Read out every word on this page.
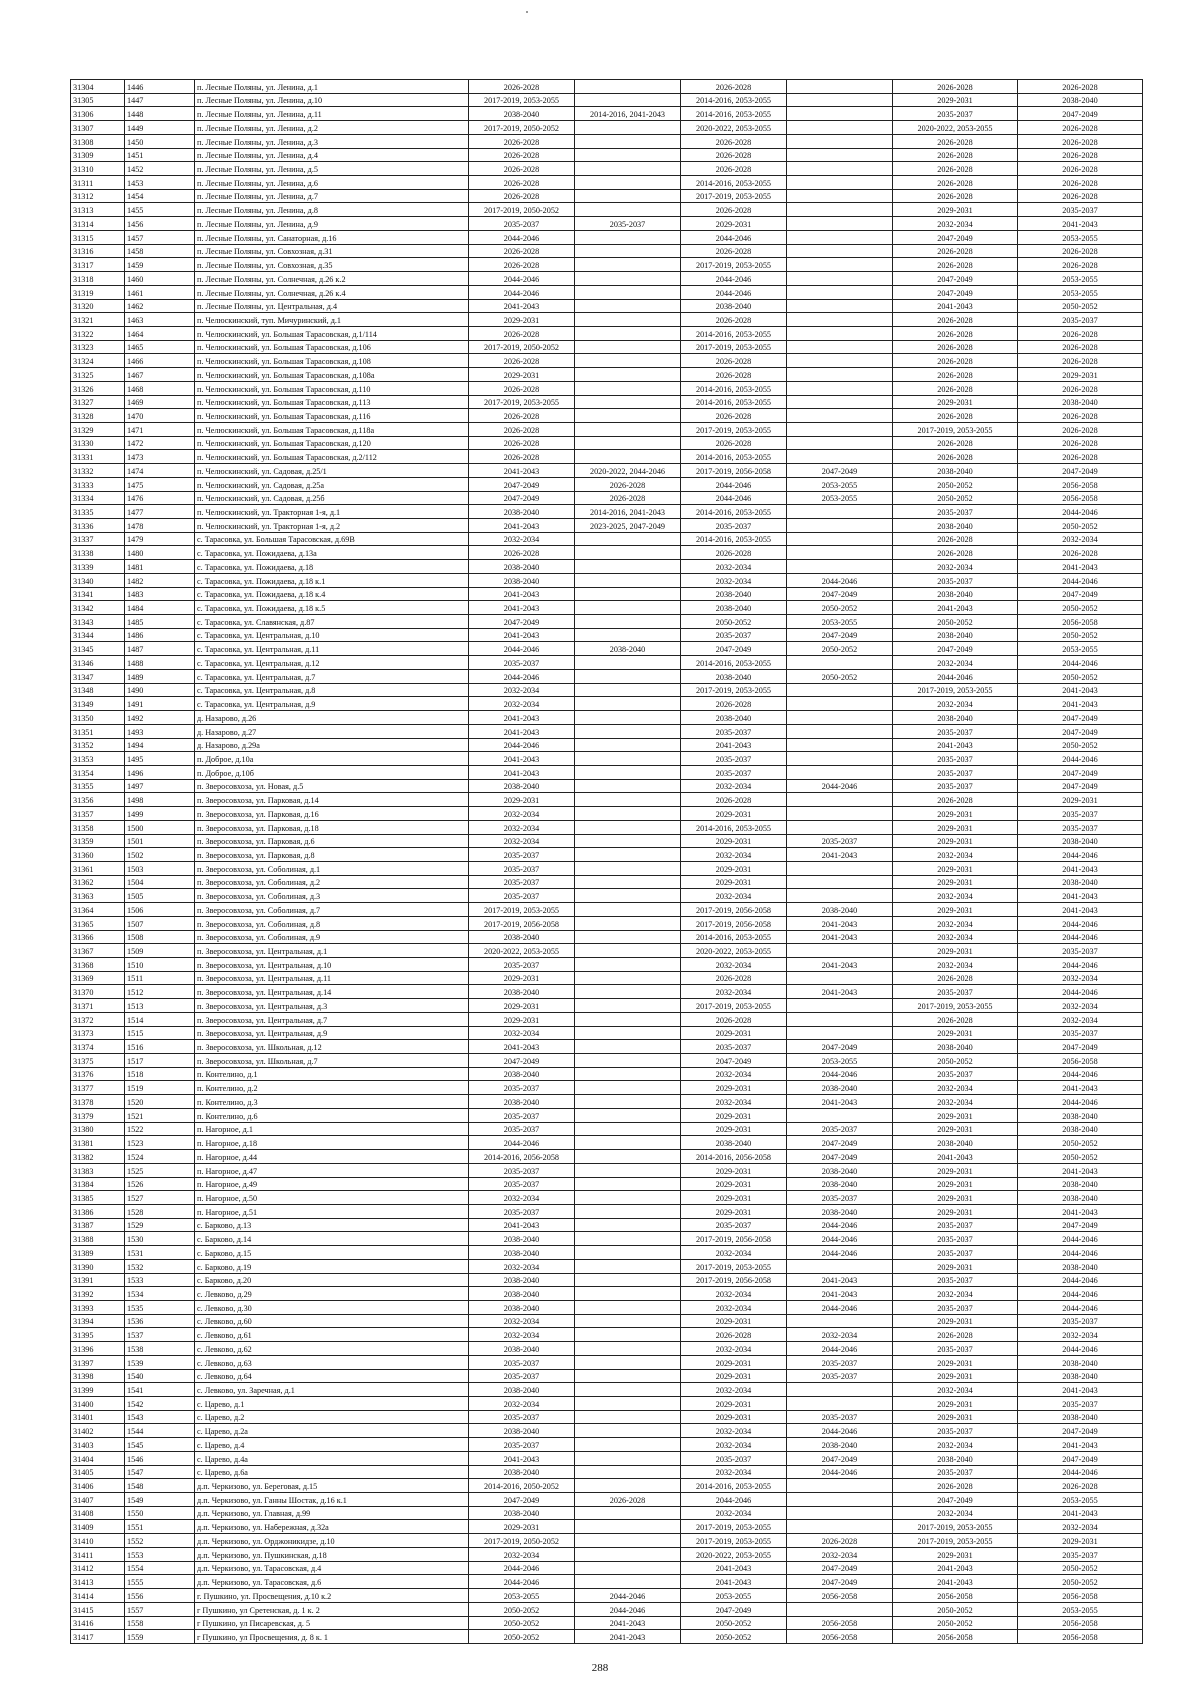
31304	1446	п. Лесные Поляны, ул. Ленина, д.1	2026-2028		2026-2028		2026-2028	2026-2028
31305	1447	п. Лесные Поляны, ул. Ленина, д.10	2017-2019, 2053-2055		2014-2016, 2053-2055		2029-2031	2038-2040
31306	1448	п. Лесные Поляны, ул. Ленина, д.11	2038-2040	2014-2016, 2041-2043	2014-2016, 2053-2055		2035-2037	2047-2049
31307	1449	п. Лесные Поляны, ул. Ленина, д.2	2017-2019, 2050-2052		2020-2022, 2053-2055		2020-2022, 2053-2055	2026-2028
31308	1450	п. Лесные Поляны, ул. Ленина, д.3	2026-2028		2026-2028		2026-2028	2026-2028
31309	1451	п. Лесные Поляны, ул. Ленина, д.4	2026-2028		2026-2028		2026-2028	2026-2028
31310	1452	п. Лесные Поляны, ул. Ленина, д.5	2026-2028		2026-2028		2026-2028	2026-2028
31311	1453	п. Лесные Поляны, ул. Ленина, д.6	2026-2028		2014-2016, 2053-2055		2026-2028	2026-2028
31312	1454	п. Лесные Поляны, ул. Ленина, д.7	2026-2028		2017-2019, 2053-2055		2026-2028	2026-2028
31313	1455	п. Лесные Поляны, ул. Ленина, д.8	2017-2019, 2050-2052		2026-2028		2029-2031	2035-2037
31314	1456	п. Лесные Поляны, ул. Ленина, д.9	2035-2037	2035-2037	2029-2031		2032-2034	2041-2043
31315	1457	п. Лесные Поляны, ул. Санаторная, д.16	2044-2046		2044-2046		2047-2049	2053-2055
31316	1458	п. Лесные Поляны, ул. Совхозная, д.31	2026-2028		2026-2028		2026-2028	2026-2028
31317	1459	п. Лесные Поляны, ул. Совхозная, д.35	2026-2028		2017-2019, 2053-2055		2026-2028	2026-2028
31318	1460	п. Лесные Поляны, ул. Солнечная, д.26 к.2	2044-2046		2044-2046		2047-2049	2053-2055
31319	1461	п. Лесные Поляны, ул. Солнечная, д.26 к.4	2044-2046		2044-2046		2047-2049	2053-2055
31320	1462	п. Лесные Поляны, ул. Центральная, д.4	2041-2043		2038-2040		2041-2043	2050-2052
31321	1463	п. Челюскинский, туп. Мичуринский, д.1	2029-2031		2026-2028		2026-2028	2035-2037
31322	1464	п. Челюскинский, ул. Большая Тарасовская, д.1/114	2026-2028		2014-2016, 2053-2055		2026-2028	2026-2028
31323	1465	п. Челюскинский, ул. Большая Тарасовская, д.106	2017-2019, 2050-2052		2017-2019, 2053-2055		2026-2028	2026-2028
31324	1466	п. Челюскинский, ул. Большая Тарасовская, д.108	2026-2028		2026-2028		2026-2028	2026-2028
31325	1467	п. Челюскинский, ул. Большая Тарасовская, д.108а	2029-2031		2026-2028		2026-2028	2029-2031
31326	1468	п. Челюскинский, ул. Большая Тарасовская, д.110	2026-2028		2014-2016, 2053-2055		2026-2028	2026-2028
31327	1469	п. Челюскинский, ул. Большая Тарасовская, д.113	2017-2019, 2053-2055		2014-2016, 2053-2055		2029-2031	2038-2040
31328	1470	п. Челюскинский, ул. Большая Тарасовская, д.116	2026-2028		2026-2028		2026-2028	2026-2028
31329	1471	п. Челюскинский, ул. Большая Тарасовская, д.118а	2026-2028		2017-2019, 2053-2055		2017-2019, 2053-2055	2026-2028
31330	1472	п. Челюскинский, ул. Большая Тарасовская, д.120	2026-2028		2026-2028		2026-2028	2026-2028
31331	1473	п. Челюскинский, ул. Большая Тарасовская, д.2/112	2026-2028		2014-2016, 2053-2055		2026-2028	2026-2028
31332	1474	п. Челюскинский, ул. Садовая, д.25/1	2041-2043	2020-2022, 2044-2046	2017-2019, 2056-2058	2047-2049	2038-2040	2047-2049
31333	1475	п. Челюскинский, ул. Садовая, д.25а	2047-2049	2026-2028	2044-2046	2053-2055	2050-2052	2056-2058
31334	1476	п. Челюскинский, ул. Садовая, д.25б	2047-2049	2026-2028	2044-2046	2053-2055	2050-2052	2056-2058
31335	1477	п. Челюскинский, ул. Тракторная 1-я, д.1	2038-2040	2014-2016, 2041-2043	2014-2016, 2053-2055		2035-2037	2044-2046
31336	1478	п. Челюскинский, ул. Тракторная 1-я, д.2	2041-2043	2023-2025, 2047-2049	2035-2037		2038-2040	2050-2052
31337	1479	с. Тарасовка, ул. Большая Тарасовская, д.69В	2032-2034		2014-2016, 2053-2055		2026-2028	2032-2034
31338	1480	с. Тарасовка, ул. Пожидаева, д.13а	2026-2028		2026-2028		2026-2028	2026-2028
31339	1481	с. Тарасовка, ул. Пожидаева, д.18	2038-2040		2032-2034		2032-2034	2041-2043
31340	1482	с. Тарасовка, ул. Пожидаева, д.18 к.1	2038-2040		2032-2034	2044-2046	2035-2037	2044-2046
31341	1483	с. Тарасовка, ул. Пожидаева, д.18 к.4	2041-2043		2038-2040	2047-2049	2038-2040	2047-2049
31342	1484	с. Тарасовка, ул. Пожидаева, д.18 к.5	2041-2043		2038-2040	2050-2052	2041-2043	2050-2052
31343	1485	с. Тарасовка, ул. Славянская, д.87	2047-2049		2050-2052	2053-2055	2050-2052	2056-2058
31344	1486	с. Тарасовка, ул. Центральная, д.10	2041-2043		2035-2037	2047-2049	2038-2040	2050-2052
31345	1487	с. Тарасовка, ул. Центральная, д.11	2044-2046	2038-2040	2047-2049	2050-2052	2047-2049	2053-2055
31346	1488	с. Тарасовка, ул. Центральная, д.12	2035-2037		2014-2016, 2053-2055		2032-2034	2044-2046
31347	1489	с. Тарасовка, ул. Центральная, д.7	2044-2046		2038-2040	2050-2052	2044-2046	2050-2052
31348	1490	с. Тарасовка, ул. Центральная, д.8	2032-2034		2017-2019, 2053-2055		2017-2019, 2053-2055	2041-2043
31349	1491	с. Тарасовка, ул. Центральная, д.9	2032-2034		2026-2028		2032-2034	2041-2043
31350	1492	д. Назарово, д.26	2041-2043		2038-2040		2038-2040	2047-2049
31351	1493	д. Назарово, д.27	2041-2043		2035-2037		2035-2037	2047-2049
31352	1494	д. Назарово, д.29а	2044-2046		2041-2043		2041-2043	2050-2052
31353	1495	п. Доброе, д.10а	2041-2043		2035-2037		2035-2037	2044-2046
31354	1496	п. Доброе, д.10б	2041-2043		2035-2037		2035-2037	2047-2049
31355	1497	п. Зверосовхоза, ул. Новая, д.5	2038-2040		2032-2034	2044-2046	2035-2037	2047-2049
31356	1498	п. Зверосовхоза, ул. Парковая, д.14	2029-2031		2026-2028		2026-2028	2029-2031
31357	1499	п. Зверосовхоза, ул. Парковая, д.16	2032-2034		2029-2031		2029-2031	2035-2037
31358	1500	п. Зверосовхоза, ул. Парковая, д.18	2032-2034		2014-2016, 2053-2055		2029-2031	2035-2037
31359	1501	п. Зверосовхоза, ул. Парковая, д.6	2032-2034		2029-2031	2035-2037	2029-2031	2038-2040
31360	1502	п. Зверосовхоза, ул. Парковая, д.8	2035-2037		2032-2034	2041-2043	2032-2034	2044-2046
31361	1503	п. Зверосовхоза, ул. Соболиная, д.1	2035-2037		2029-2031		2029-2031	2041-2043
31362	1504	п. Зверосовхоза, ул. Соболиная, д.2	2035-2037		2029-2031		2029-2031	2038-2040
31363	1505	п. Зверосовхоза, ул. Соболиная, д.3	2035-2037		2032-2034		2032-2034	2041-2043
31364	1506	п. Зверосовхоза, ул. Соболиная, д.7	2017-2019, 2053-2055		2017-2019, 2056-2058	2038-2040	2029-2031	2041-2043
31365	1507	п. Зверосовхоза, ул. Соболиная, д.8	2017-2019, 2056-2058		2017-2019, 2056-2058	2041-2043	2032-2034	2044-2046
31366	1508	п. Зверосовхоза, ул. Соболиная, д.9	2038-2040		2014-2016, 2053-2055	2041-2043	2032-2034	2044-2046
31367	1509	п. Зверосовхоза, ул. Центральная, д.1	2020-2022, 2053-2055		2020-2022, 2053-2055		2029-2031	2035-2037
31368	1510	п. Зверосовхоза, ул. Центральная, д.10	2035-2037		2032-2034	2041-2043	2032-2034	2044-2046
31369	1511	п. Зверосовхоза, ул. Центральная, д.11	2029-2031		2026-2028		2026-2028	2032-2034
31370	1512	п. Зверосовхоза, ул. Центральная, д.14	2038-2040		2032-2034	2041-2043	2035-2037	2044-2046
31371	1513	п. Зверосовхоза, ул. Центральная, д.3	2029-2031		2017-2019, 2053-2055		2017-2019, 2053-2055	2032-2034
31372	1514	п. Зверосовхоза, ул. Центральная, д.7	2029-2031		2026-2028		2026-2028	2032-2034
31373	1515	п. Зверосовхоза, ул. Центральная, д.9	2032-2034		2029-2031		2029-2031	2035-2037
31374	1516	п. Зверосовхоза, ул. Школьная, д.12	2041-2043		2035-2037	2047-2049	2038-2040	2047-2049
31375	1517	п. Зверосовхоза, ул. Школьная, д.7	2047-2049		2047-2049	2053-2055	2050-2052	2056-2058
31376	1518	п. Контелино, д.1	2038-2040		2032-2034	2044-2046	2035-2037	2044-2046
31377	1519	п. Контелино, д.2	2035-2037		2029-2031	2038-2040	2032-2034	2041-2043
31378	1520	п. Контелино, д.3	2038-2040		2032-2034	2041-2043	2032-2034	2044-2046
31379	1521	п. Контелино, д.6	2035-2037		2029-2031		2029-2031	2038-2040
31380	1522	п. Нагорное, д.1	2035-2037		2029-2031	2035-2037	2029-2031	2038-2040
31381	1523	п. Нагорное, д.18	2044-2046		2038-2040	2047-2049	2038-2040	2050-2052
31382	1524	п. Нагорное, д.44	2014-2016, 2056-2058		2014-2016, 2056-2058	2047-2049	2041-2043	2050-2052
31383	1525	п. Нагорное, д.47	2035-2037		2029-2031	2038-2040	2029-2031	2041-2043
31384	1526	п. Нагорное, д.49	2035-2037		2029-2031	2038-2040	2029-2031	2038-2040
31385	1527	п. Нагорное, д.50	2032-2034		2029-2031	2035-2037	2029-2031	2038-2040
31386	1528	п. Нагорное, д.51	2035-2037		2029-2031	2038-2040	2029-2031	2041-2043
31387	1529	с. Барково, д.13	2041-2043		2035-2037	2044-2046	2035-2037	2047-2049
31388	1530	с. Барково, д.14	2038-2040		2017-2019, 2056-2058	2044-2046	2035-2037	2044-2046
31389	1531	с. Барково, д.15	2038-2040		2032-2034	2044-2046	2035-2037	2044-2046
31390	1532	с. Барково, д.19	2032-2034		2017-2019, 2053-2055		2029-2031	2038-2040
31391	1533	с. Барково, д.20	2038-2040		2017-2019, 2056-2058	2041-2043	2035-2037	2044-2046
31392	1534	с. Левково, д.29	2038-2040		2032-2034	2041-2043	2032-2034	2044-2046
31393	1535	с. Левково, д.30	2038-2040		2032-2034	2044-2046	2035-2037	2044-2046
31394	1536	с. Левково, д.60	2032-2034		2029-2031		2029-2031	2035-2037
31395	1537	с. Левково, д.61	2032-2034		2026-2028	2032-2034	2026-2028	2032-2034
31396	1538	с. Левково, д.62	2038-2040		2032-2034	2044-2046	2035-2037	2044-2046
31397	1539	с. Левково, д.63	2035-2037		2029-2031	2035-2037	2029-2031	2038-2040
31398	1540	с. Левково, д.64	2035-2037		2029-2031	2035-2037	2029-2031	2038-2040
31399	1541	с. Левково, ул. Заречная, д.1	2038-2040		2032-2034		2032-2034	2041-2043
31400	1542	с. Царево, д.1	2032-2034		2029-2031		2029-2031	2035-2037
31401	1543	с. Царево, д.2	2035-2037		2029-2031	2035-2037	2029-2031	2038-2040
31402	1544	с. Царево, д.2а	2038-2040		2032-2034	2044-2046	2035-2037	2047-2049
31403	1545	с. Царево, д.4	2035-2037		2032-2034	2038-2040	2032-2034	2041-2043
31404	1546	с. Царево, д.4а	2041-2043		2035-2037	2047-2049	2038-2040	2047-2049
31405	1547	с. Царево, д.6а	2038-2040		2032-2034	2044-2046	2035-2037	2044-2046
31406	1548	д.п. Черкизово, ул. Береговая, д.15	2014-2016, 2050-2052		2014-2016, 2053-2055		2026-2028	2026-2028
31407	1549	д.п. Черкизово, ул. Ганны Шостак, д.16 к.1	2047-2049	2026-2028	2044-2046		2047-2049	2053-2055
31408	1550	д.п. Черкизово, ул. Главная, д.99	2038-2040		2032-2034		2032-2034	2041-2043
31409	1551	д.п. Черкизово, ул. Набережная, д.32а	2029-2031		2017-2019, 2053-2055		2017-2019, 2053-2055	2032-2034
31410	1552	д.п. Черкизово, ул. Орджоникидзе, д.10	2017-2019, 2050-2052		2017-2019, 2053-2055	2026-2028	2017-2019, 2053-2055	2029-2031
31411	1553	д.п. Черкизово, ул. Пушкинская, д.18	2032-2034		2020-2022, 2053-2055	2032-2034	2029-2031	2035-2037
31412	1554	д.п. Черкизово, ул. Тарасовская, д.4	2044-2046		2041-2043	2047-2049	2041-2043	2050-2052
31413	1555	д.п. Черкизово, ул. Тарасовская, д.6	2044-2046		2041-2043	2047-2049	2041-2043	2050-2052
31414	1556	г. Пушкино, ул. Просвещения, д.10 к.2	2053-2055	2044-2046	2053-2055	2056-2058	2056-2058	2056-2058
31415	1557	г Пушкино, ул Сретенская, д. 1 к. 2	2050-2052	2044-2046	2047-2049		2050-2052	2053-2055
31416	1558	г Пушкино, ул Писаревская, д. 5	2050-2052	2041-2043	2050-2052	2056-2058	2050-2052	2056-2058
31417	1559	г Пушкино, ул Просвещения, д. 8 к. 1	2050-2052	2041-2043	2050-2052	2056-2058	2056-2058	2056-2058
288
